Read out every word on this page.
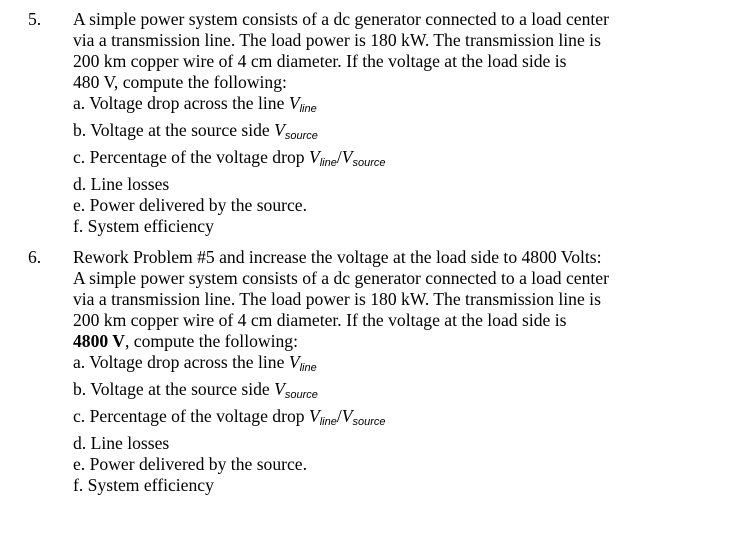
5. A simple power system consists of a dc generator connected to a load center
via a transmission line. The load power is 180 kW. The transmission line is
200 km copper wire of 4 cm diameter. If the voltage at the load side is
480 V, compute the following:
a. Voltage drop across the line $V_{line}$
b. Voltage at the source side $V_{source}$
c. Percentage of the voltage drop $V_{line}/V_{source}$
d. Line losses
e. Power delivered by the source.
f. System efficiency
6. Rework Problem #5 and increase the voltage at the load side to 4800 Volts:
A simple power system consists of a dc generator connected to a load center
via a transmission line. The load power is 180 kW. The transmission line is
200 km copper wire of 4 cm diameter. If the voltage at the load side is
4800 V, compute the following:
a. Voltage drop across the line $V_{line}$
b. Voltage at the source side $V_{source}$
c. Percentage of the voltage drop $V_{line}/V_{source}$
d. Line losses
e. Power delivered by the source.
f. System efficiency
